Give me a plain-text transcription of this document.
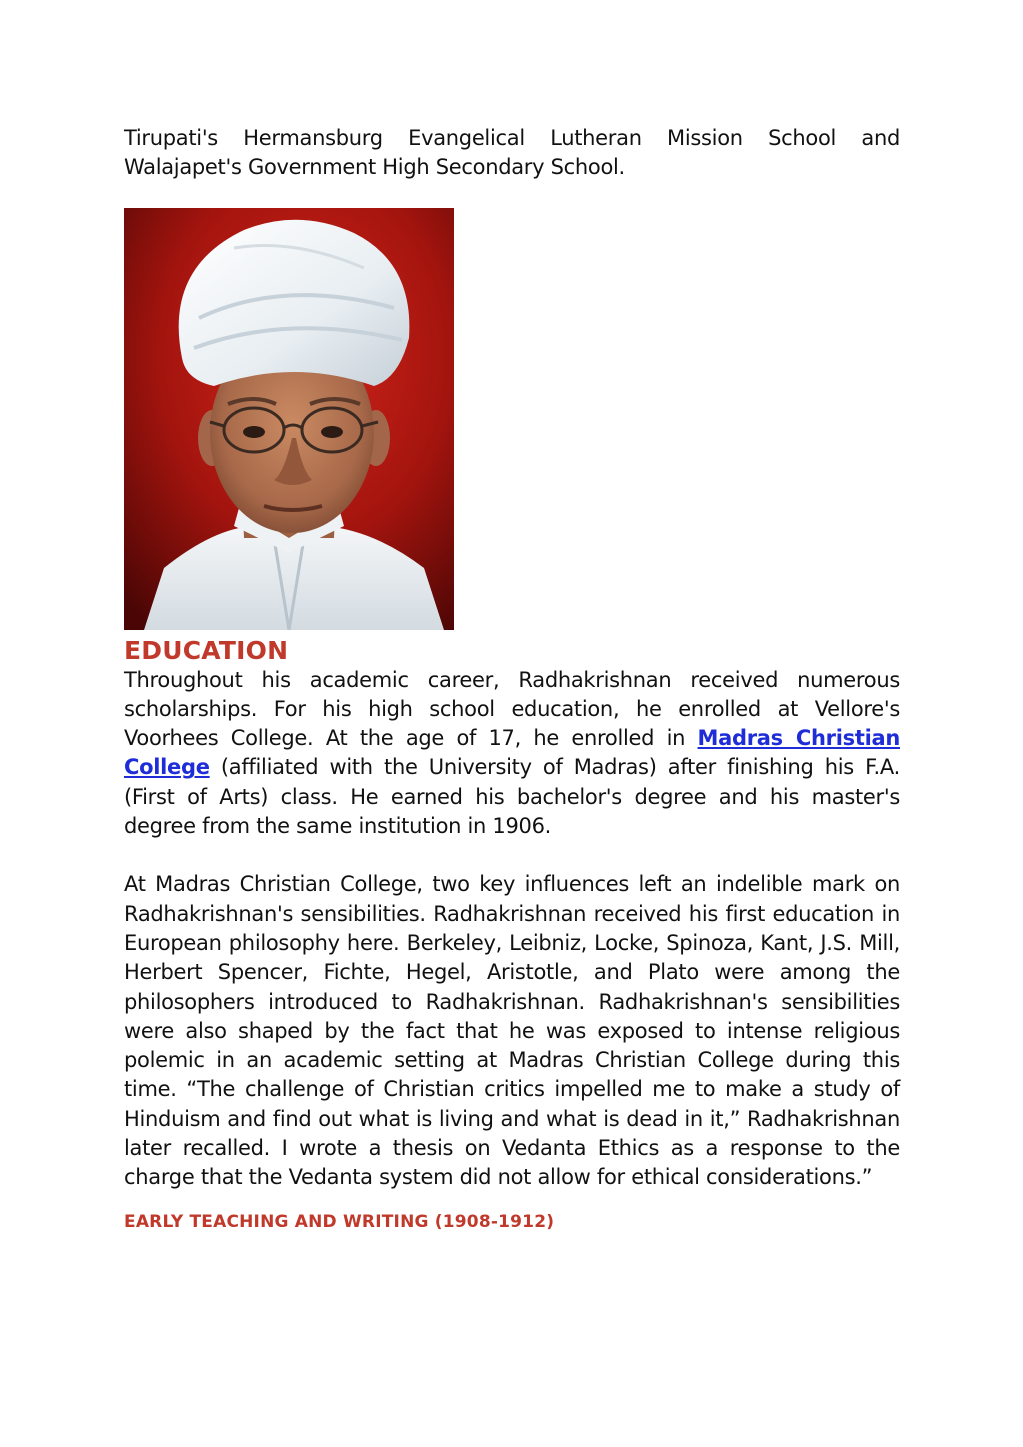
Tirupati's Hermansburg Evangelical Lutheran Mission School and Walajapet's Government High Secondary School.

EDUCATION

Throughout his academic career, Radhakrishnan received numerous scholarships. For his high school education, he enrolled at Vellore's Voorhees College. At the age of 17, he enrolled in Madras Christian College (affiliated with the University of Madras) after finishing his F.A. (First of Arts) class. He earned his bachelor's degree and his master's degree from the same institution in 1906.

At Madras Christian College, two key influences left an indelible mark on Radhakrishnan's sensibilities. Radhakrishnan received his first education in European philosophy here. Berkeley, Leibniz, Locke, Spinoza, Kant, J.S. Mill, Herbert Spencer, Fichte, Hegel, Aristotle, and Plato were among the philosophers introduced to Radhakrishnan. Radhakrishnan's sensibilities were also shaped by the fact that he was exposed to intense religious polemic in an academic setting at Madras Christian College during this time. “The challenge of Christian critics impelled me to make a study of Hinduism and find out what is living and what is dead in it,” Radhakrishnan later recalled. I wrote a thesis on Vedanta Ethics as a response to the charge that the Vedanta system did not allow for ethical considerations.”

EARLY TEACHING AND WRITING (1908-1912)
